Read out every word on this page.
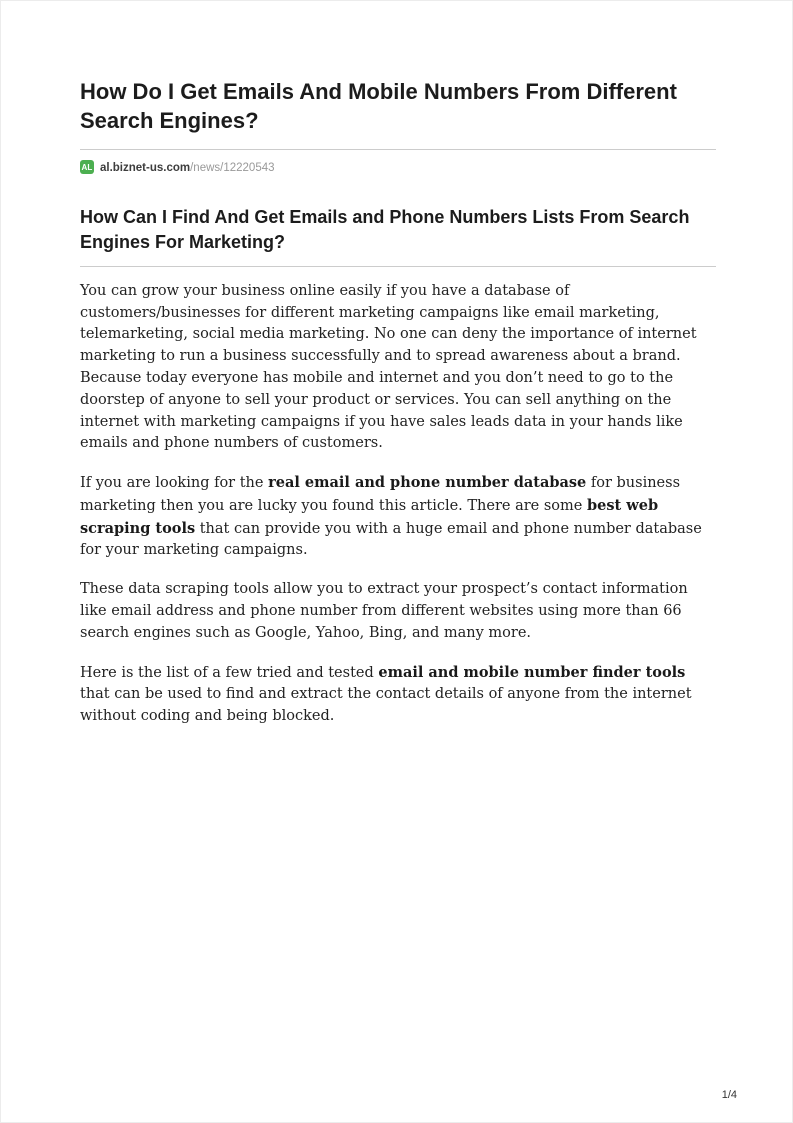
How Do I Get Emails And Mobile Numbers From Different Search Engines?
AL al.biznet-us.com/news/12220543
How Can I Find And Get Emails and Phone Numbers Lists From Search Engines For Marketing?

You can grow your business online easily if you have a database of customers/businesses for different marketing campaigns like email marketing, telemarketing, social media marketing. No one can deny the importance of internet marketing to run a business successfully and to spread awareness about a brand. Because today everyone has mobile and internet and you don’t need to go to the doorstep of anyone to sell your product or services. You can sell anything on the internet with marketing campaigns if you have sales leads data in your hands like emails and phone numbers of customers.

If you are looking for the real email and phone number database for business marketing then you are lucky you found this article. There are some best web scraping tools that can provide you with a huge email and phone number database for your marketing campaigns.

These data scraping tools allow you to extract your prospect’s contact information like email address and phone number from different websites using more than 66 search engines such as Google, Yahoo, Bing, and many more.

Here is the list of a few tried and tested email and mobile number finder tools that can be used to find and extract the contact details of anyone from the internet without coding and being blocked.

1/4
